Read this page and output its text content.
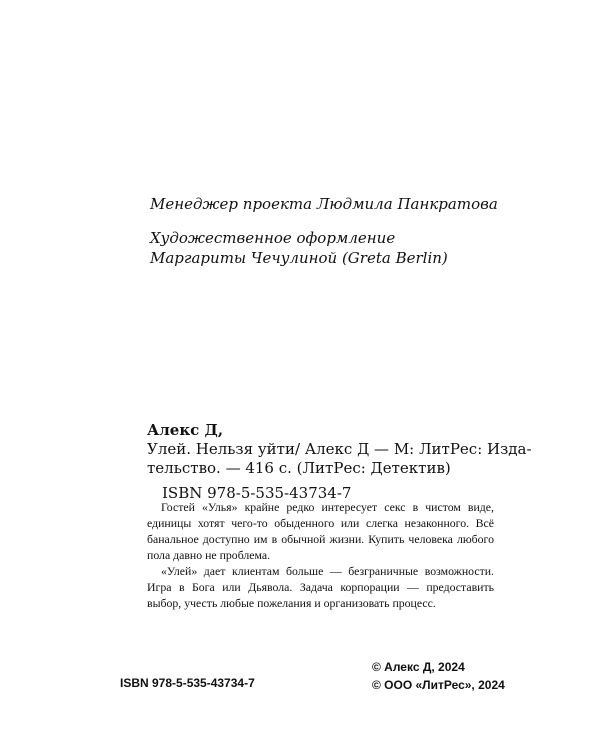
Менеджер проекта Людмила Панкратова

Художественное оформление

Маргариты Чечулиной (Greta Berlin)

Алекс Д,

Улей. Нельзя уйти/ Алекс Д — М: ЛитРес: Изда-

тельство. — 416 с. (ЛитРес: Детектив)

ISBN 978-5-535-43734-7

Гостей «Улья» крайне редко интересует секс в чистом виде, единицы хотят чего-то обыденного или слегка незаконного. Всё банальное доступно им в обычной жизни. Купить человека любого пола давно не проблема.

«Улей» дает клиентам больше — безграничные возможности. Игра в Бога или Дьявола. Задача корпорации — предоставить выбор, учесть любые пожелания и организовать процесс.

ISBN 978-5-535-43734-7

© Алекс Д, 2024

© ООО «ЛитРес», 2024
